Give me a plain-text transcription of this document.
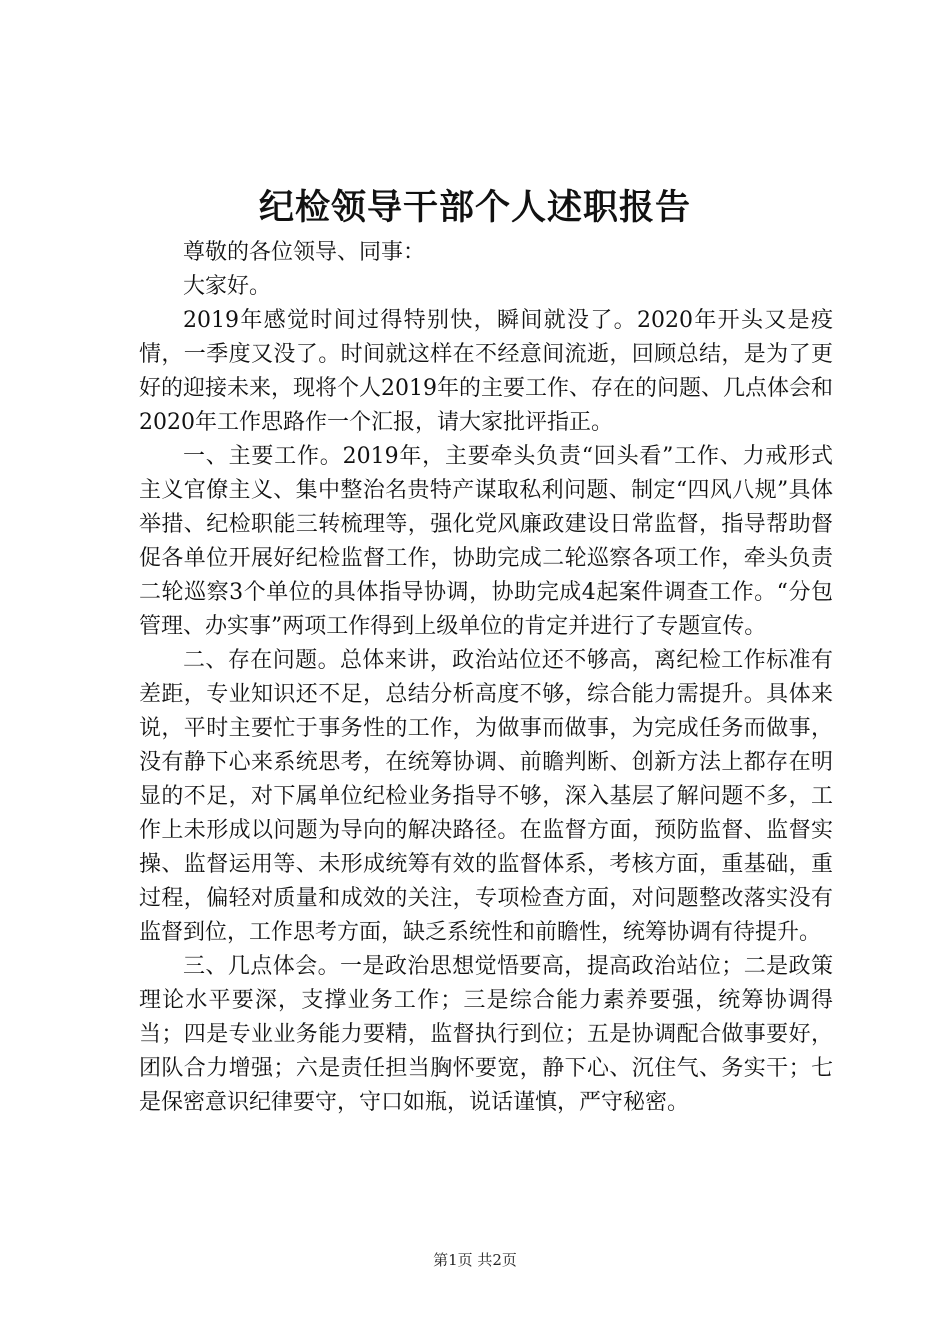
纪检领导干部个人述职报告

尊敬的各位领导、同事：

大家好。

2019年感觉时间过得特别快，瞬间就没了。2020年开头又是疫情，一季度又没了。时间就这样在不经意间流逝，回顾总结，是为了更好的迎接未来，现将个人2019年的主要工作、存在的问题、几点体会和2020年工作思路作一个汇报，请大家批评指正。

一、主要工作。2019年，主要牵头负责“回头看”工作、力戒形式主义官僚主义、集中整治名贵特产谋取私利问题、制定“四风八规”具体举措、纪检职能三转梳理等，强化党风廉政建设日常监督，指导帮助督促各单位开展好纪检监督工作，协助完成二轮巡察各项工作，牵头负责二轮巡察3个单位的具体指导协调，协助完成4起案件调查工作。“分包管理、办实事”两项工作得到上级单位的肯定并进行了专题宣传。

二、存在问题。总体来讲，政治站位还不够高，离纪检工作标准有差距，专业知识还不足，总结分析高度不够，综合能力需提升。具体来说，平时主要忙于事务性的工作，为做事而做事，为完成任务而做事，没有静下心来系统思考，在统筹协调、前瞻判断、创新方法上都存在明显的不足，对下属单位纪检业务指导不够，深入基层了解问题不多，工作上未形成以问题为导向的解决路径。在监督方面，预防监督、监督实操、监督运用等、未形成统筹有效的监督体系，考核方面，重基础，重过程，偏轻对质量和成效的关注，专项检查方面，对问题整改落实没有监督到位，工作思考方面，缺乏系统性和前瞻性，统筹协调有待提升。

三、几点体会。一是政治思想觉悟要高，提高政治站位；二是政策理论水平要深，支撑业务工作；三是综合能力素养要强，统筹协调得当；四是专业业务能力要精，监督执行到位；五是协调配合做事要好，团队合力增强；六是责任担当胸怀要宽，静下心、沉住气、务实干；七是保密意识纪律要守，守口如瓶，说话谨慎，严守秘密。

第1页 共2页
